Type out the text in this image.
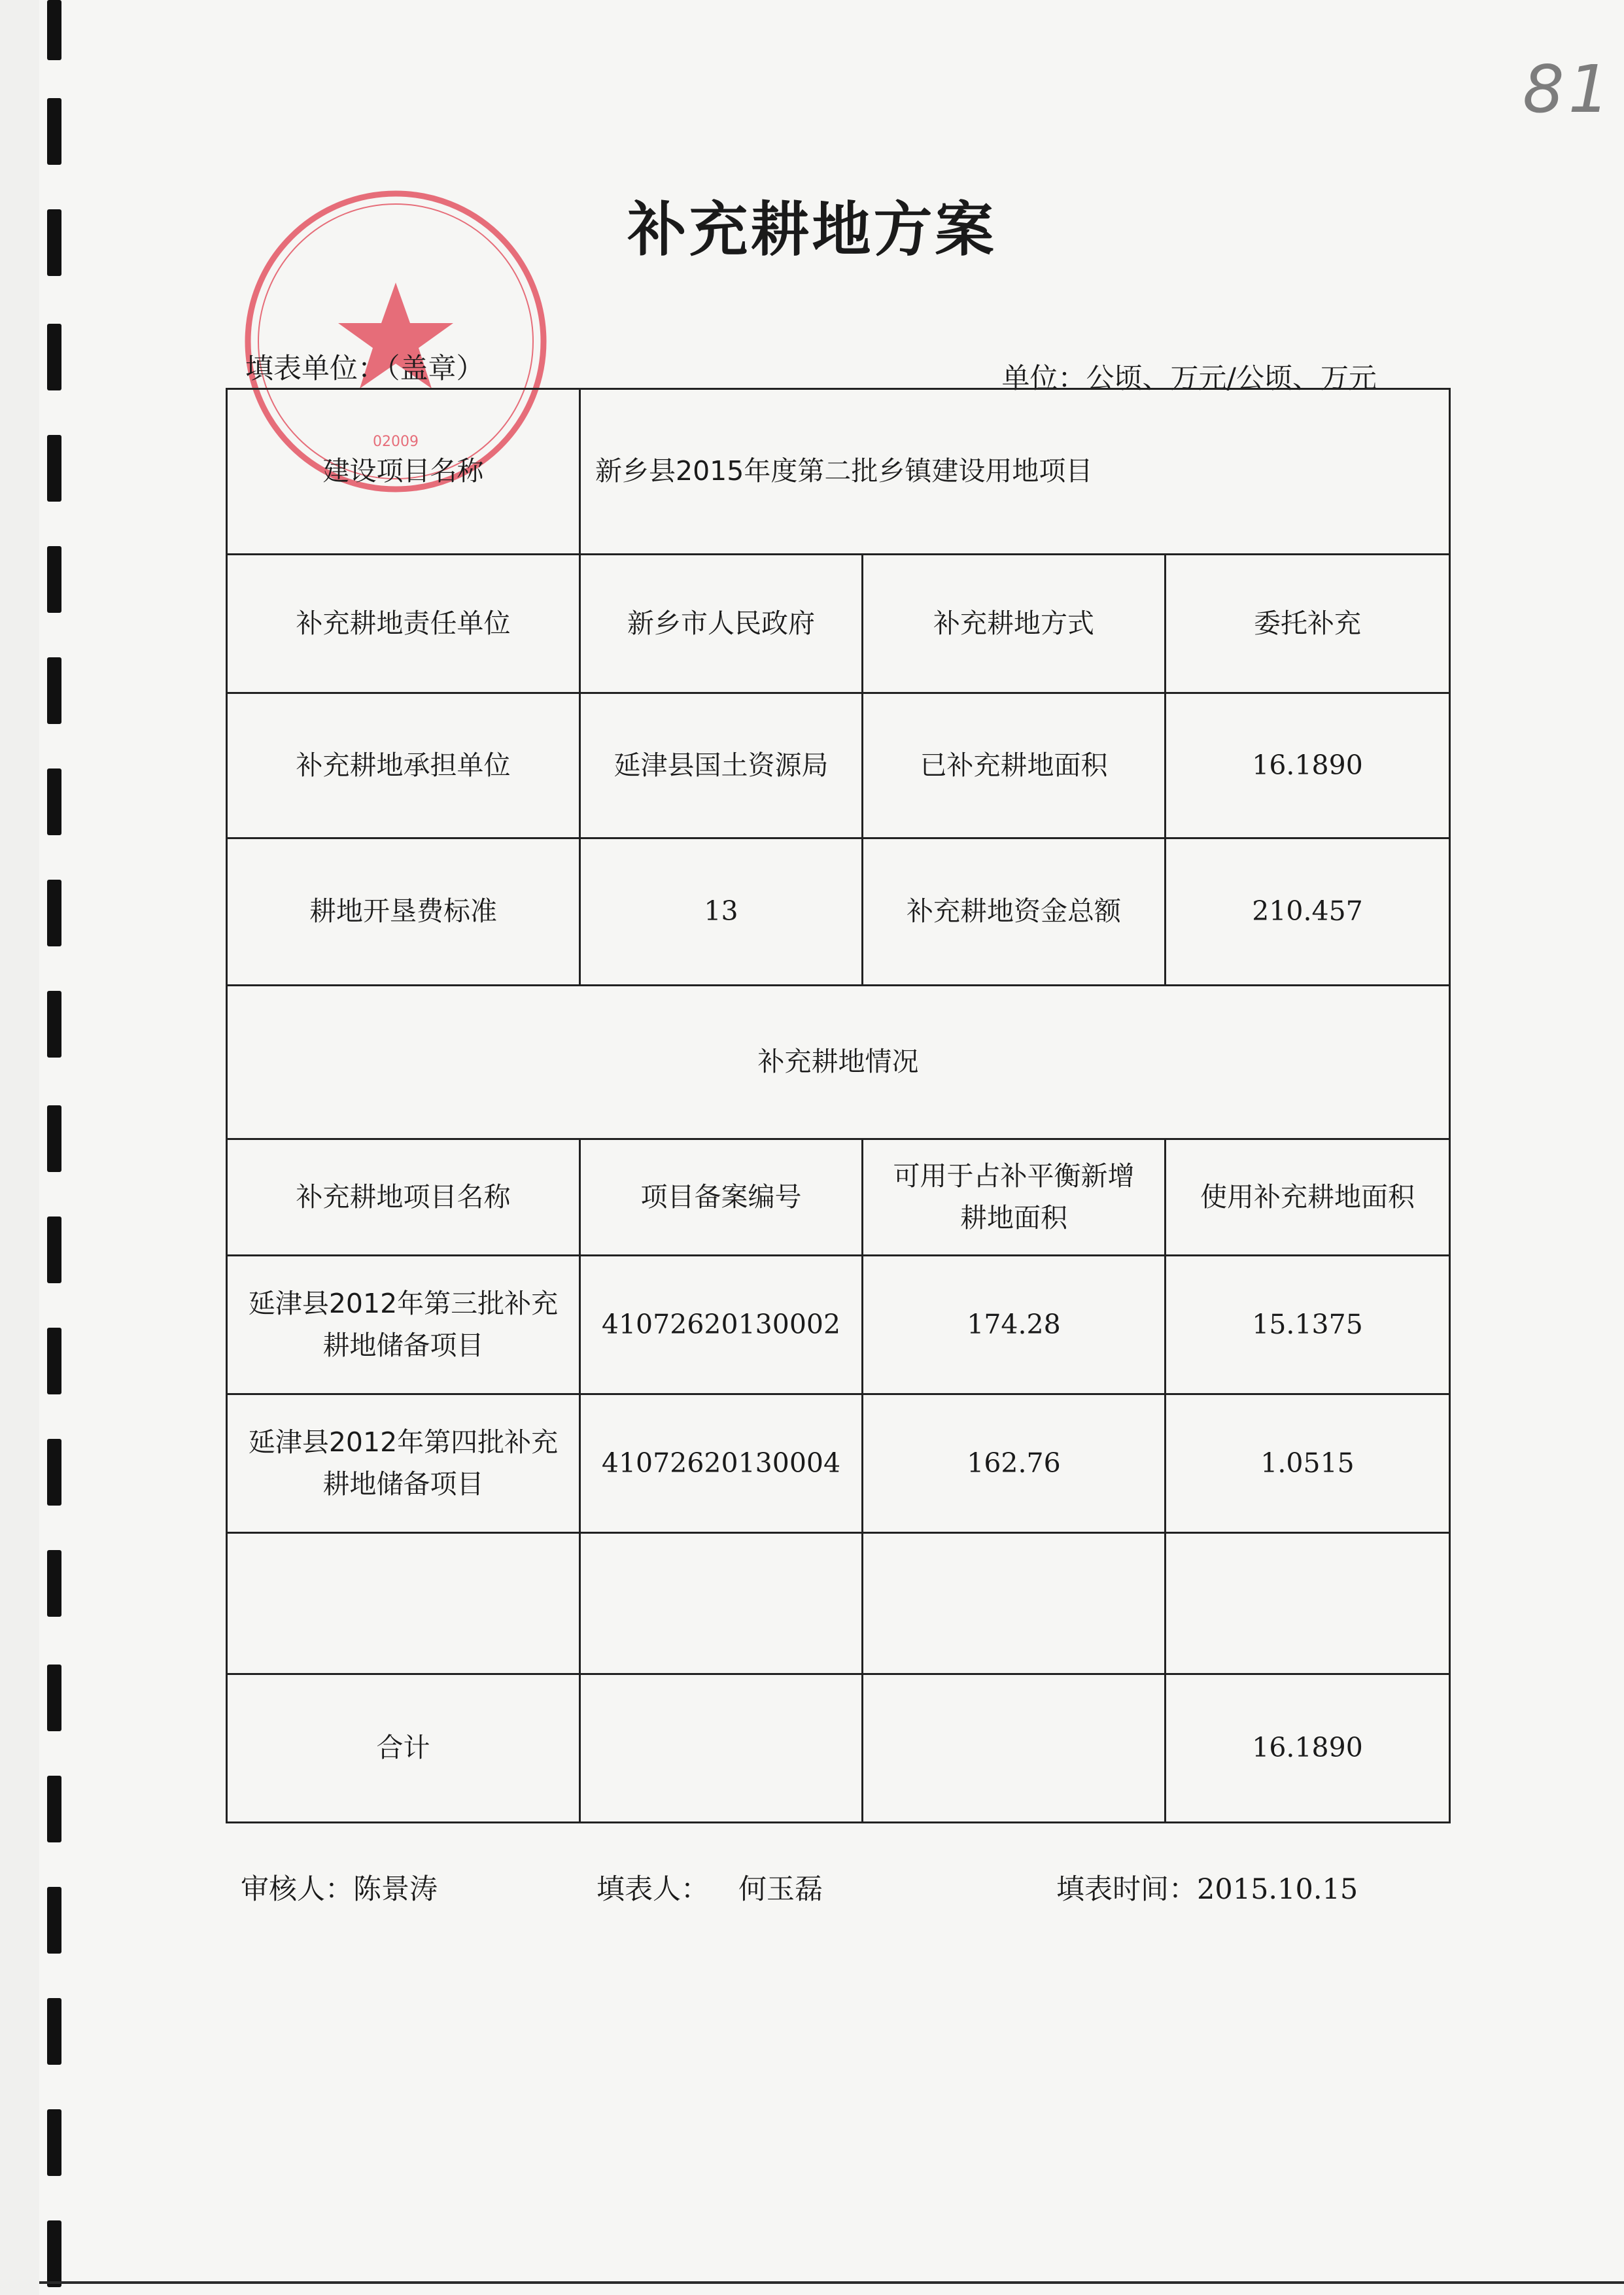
81
补充耕地方案
02009
填表单位：（盖章）	单位：公顷、万元/公顷、万元
建设项目名称	新乡县2015年度第二批乡镇建设用地项目		
补充耕地责任单位	新乡市人民政府	补充耕地方式	委托补充
补充耕地承担单位	延津县国土资源局	已补充耕地面积	16.1890
耕地开垦费标准	13	补充耕地资金总额	210.457
补充耕地情况			
补充耕地项目名称	项目备案编号	可用于占补平衡新增耕地面积	使用补充耕地面积
延津县2012年第三批补充耕地储备项目	41072620130002	174.28	15.1375
延津县2012年第四批补充耕地储备项目	41072620130004	162.76	1.0515

合计			16.1890
审核人：陈景涛	填表人： 何玉磊	填表时间：2015.10.15
